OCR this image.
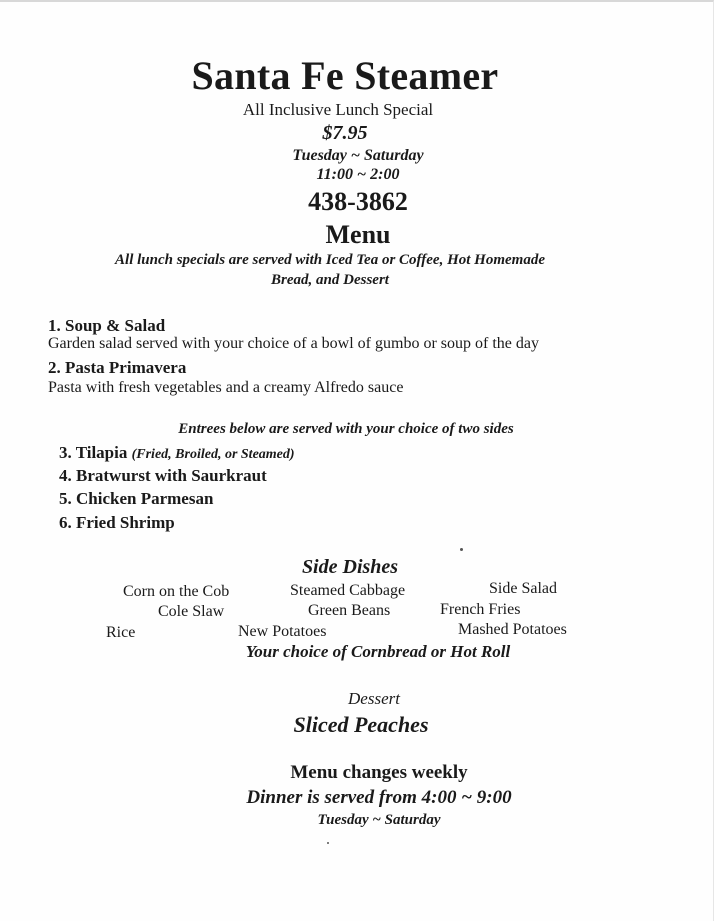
Santa Fe Steamer
All Inclusive Lunch Special
$7.95
Tuesday ~ Saturday
11:00 ~ 2:00
438-3862
Menu
All lunch specials are served with Iced Tea or Coffee, Hot Homemade
Bread, and Dessert
1. Soup & Salad
Garden salad served with your choice of a bowl of gumbo or soup of the day
2. Pasta Primavera
Pasta with fresh vegetables and a creamy Alfredo sauce
Entrees below are served with your choice of two sides
3. Tilapia (Fried, Broiled, or Steamed)
4. Bratwurst with Saurkraut
5. Chicken Parmesan
6. Fried Shrimp
Side Dishes
Corn on the Cob	Steamed Cabbage	Side Salad
Cole Slaw	Green Beans	French Fries
Rice	New Potatoes	Mashed Potatoes
Your choice of Cornbread or Hot Roll
Dessert
Sliced Peaches
Menu changes weekly
Dinner is served from 4:00 ~ 9:00
Tuesday ~ Saturday
